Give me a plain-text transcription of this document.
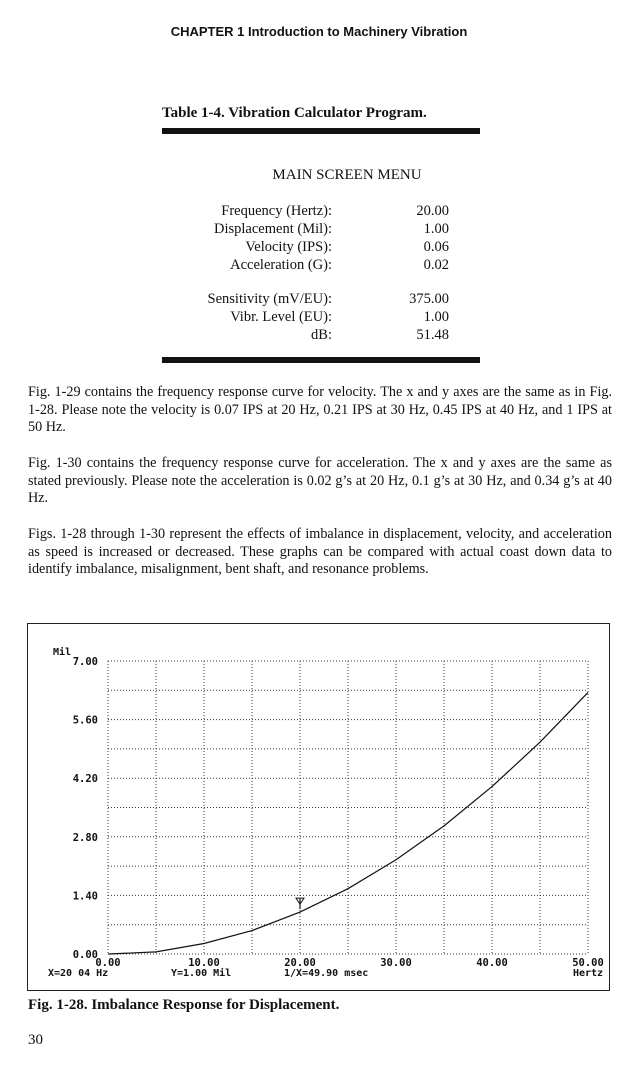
CHAPTER 1 Introduction to Machinery Vibration
Table 1-4. Vibration Calculator Program.
MAIN SCREEN MENU
Frequency (Hertz):	20.00
Displacement (Mil):	1.00
Velocity (IPS):	0.06
Acceleration (G):	0.02
Sensitivity (mV/EU):	375.00
Vibr. Level (EU):	1.00
dB:	51.48

Fig. 1-29 contains the frequency response curve for velocity. The x and y axes are the same as in Fig. 1-28. Please note the velocity is 0.07 IPS at 20 Hz, 0.21 IPS at 30 Hz, 0.45 IPS at 40 Hz, and 1 IPS at 50 Hz.

Fig. 1-30 contains the frequency response curve for acceleration. The x and y axes are the same as stated previously. Please note the acceleration is 0.02 g’s at 20 Hz, 0.1 g’s at 30 Hz, and 0.34 g’s at 40 Hz.

Figs. 1-28 through 1-30 represent the effects of imbalance in displacement, velocity, and acceleration as speed is increased or decreased. These graphs can be compared with actual coast down data to identify imbalance, misalignment, bent shaft, and resonance problems.

Mil
0.00
1.40
2.80
4.20
5.60
7.00
0.00	10.00	20.00	30.00	40.00	50.00
Hertz
X=20 04 Hz	Y=1.00 Mil	1/X=49.90 msec
Fig. 1-28. Imbalance Response for Displacement.
30
